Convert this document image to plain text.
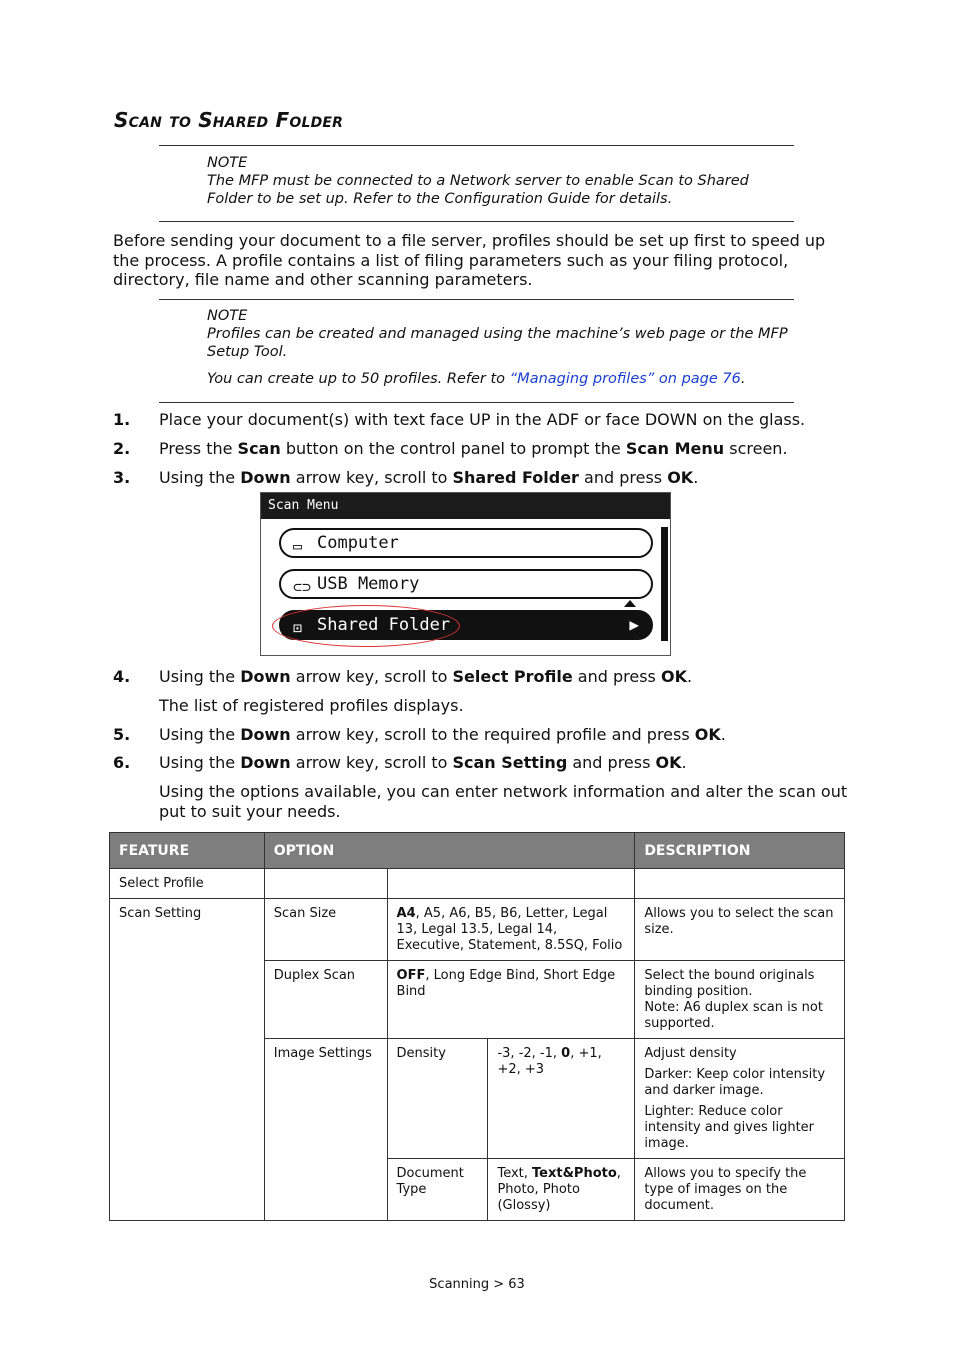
Scan to Shared Folder
NOTE
The MFP must be connected to a Network server to enable Scan to Shared
Folder to be set up. Refer to the Configuration Guide for details.
Before sending your document to a file server, profiles should be set up first to speed up
the process. A profile contains a list of filing parameters such as your filing protocol,
directory, file name and other scanning parameters.
NOTE
Profiles can be created and managed using the machine’s web page or the MFP
Setup Tool.
You can create up to 50 profiles. Refer to “Managing profiles” on page 76.
1. Place your document(s) with text face UP in the ADF or face DOWN on the glass.
2. Press the Scan button on the control panel to prompt the Scan Menu screen.
3. Using the Down arrow key, scroll to Shared Folder and press OK.
Scan Menu
▭ Computer
⊂⊃ USB Memory
⊡ Shared Folder	▶
4. Using the Down arrow key, scroll to Select Profile and press OK.
The list of registered profiles displays.
5. Using the Down arrow key, scroll to the required profile and press OK.
6. Using the Down arrow key, scroll to Scan Setting and press OK.
Using the options available, you can enter network information and alter the scan out
put to suit your needs.
FEATURE	OPTION			DESCRIPTION
Select Profile				
Scan Setting	Scan Size	A4, A5, A6, B5, B6, Letter, Legal 13, Legal 13.5, Legal 14, Executive, Statement, 8.5SQ, Folio		Allows you to select the scan size.
	Duplex Scan	OFF, Long Edge Bind, Short Edge Bind		Select the bound originals binding position.
Note: A6 duplex scan is not supported.

	Image Settings	Density	-3, -2, -1, 0, +1, +2, +3	Adjust density

Darker: Keep color intensity and darker image.

Lighter: Reduce color intensity and gives lighter image.

		Document Type	Text, Text&Photo, Photo, Photo (Glossy)	Allows you to specify the type of images on the document.
Scanning > 63
